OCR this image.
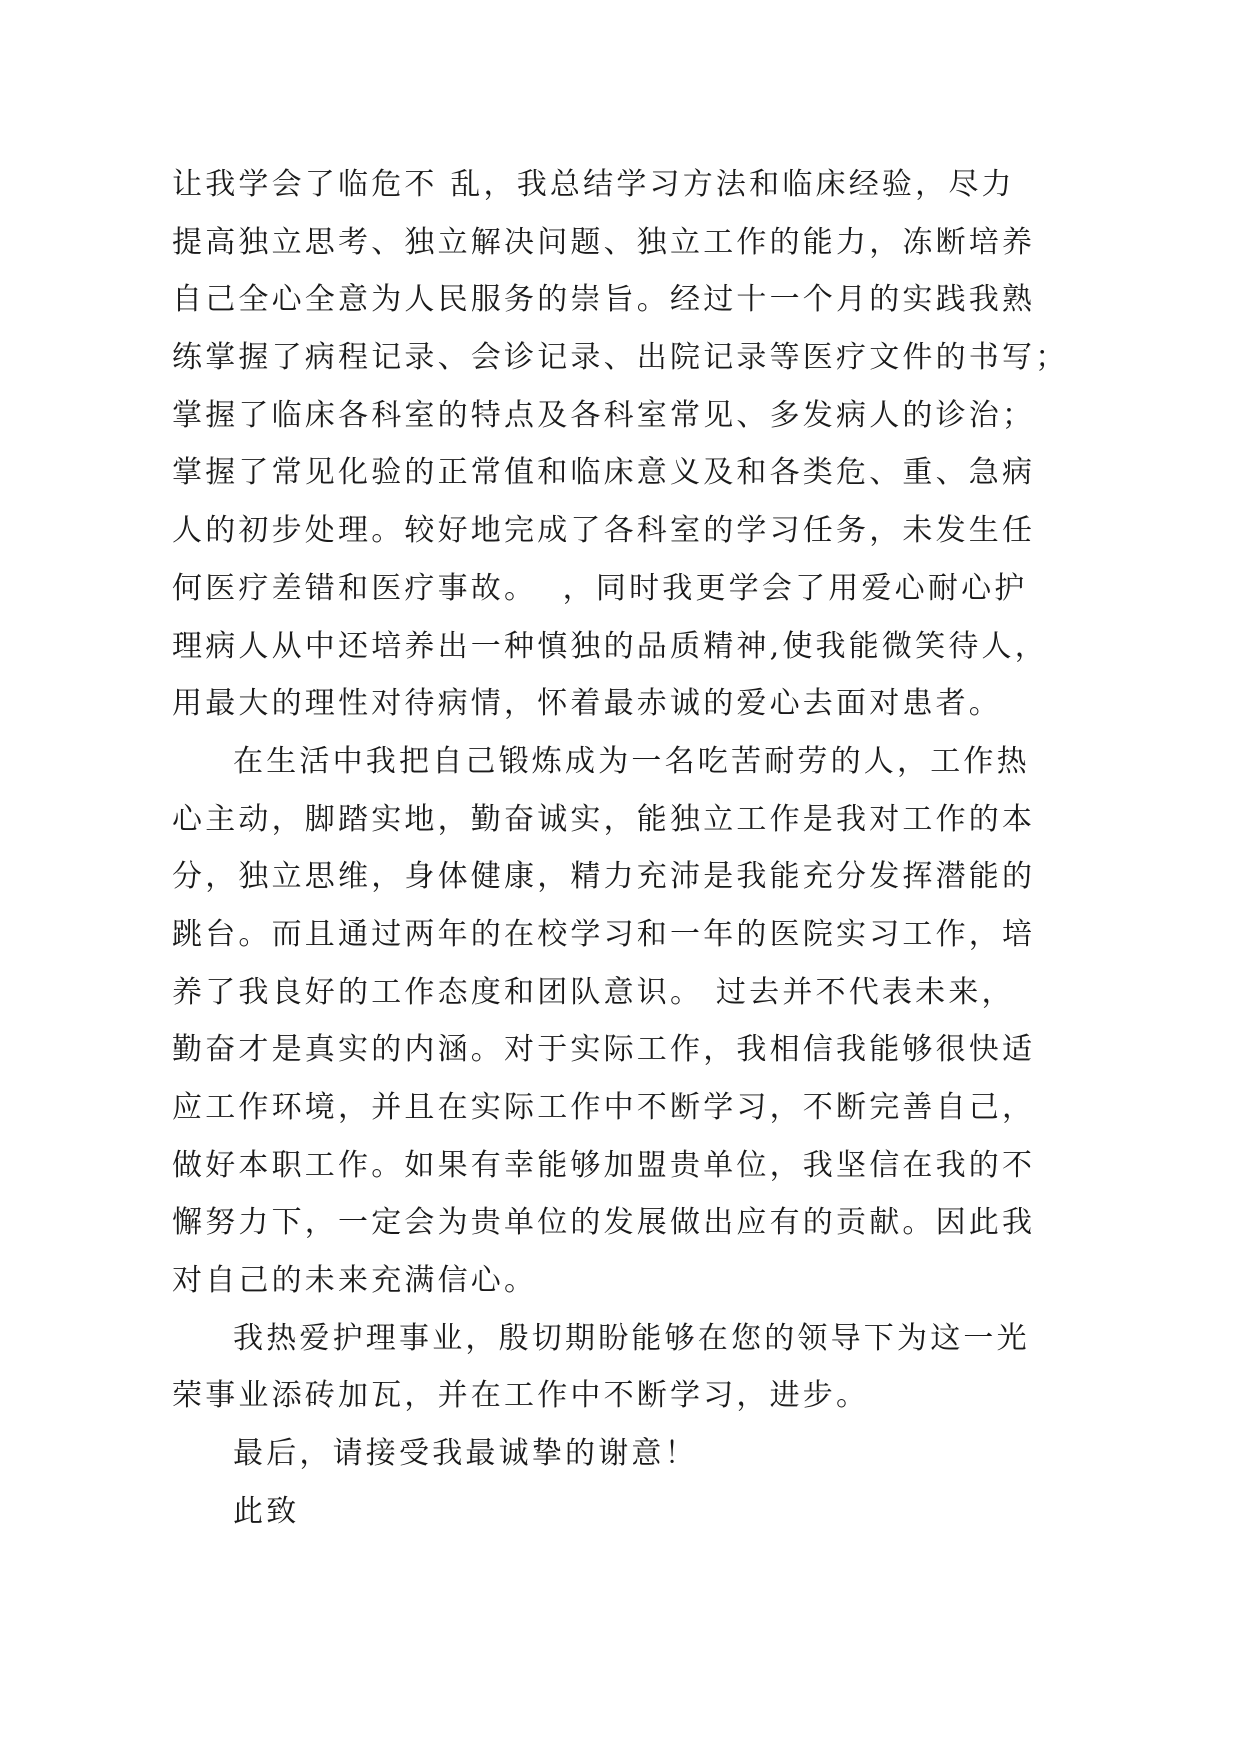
让我学会了临危不 乱，我总结学习方法和临床经验，尽力
提高独立思考、独立解决问题、独立工作的能力，冻断培养
自己全心全意为人民服务的崇旨。经过十一个月的实践我熟
练掌握了病程记录、会诊记录、出院记录等医疗文件的书写；
掌握了临床各科室的特点及各科室常见、多发病人的诊治；
掌握了常见化验的正常值和临床意义及和各类危、重、急病
人的初步处理。较好地完成了各科室的学习任务，未发生任
何医疗差错和医疗事故。  ，同时我更学会了用爱心耐心护
理病人从中还培养出一种慎独的品质精神,使我能微笑待人，
用最大的理性对待病情，怀着最赤诚的爱心去面对患者。
在生活中我把自己锻炼成为一名吃苦耐劳的人，工作热
心主动，脚踏实地，勤奋诚实，能独立工作是我对工作的本
分，独立思维，身体健康，精力充沛是我能充分发挥潜能的
跳台。而且通过两年的在校学习和一年的医院实习工作，培
养了我良好的工作态度和团队意识。 过去并不代表未来，
勤奋才是真实的内涵。对于实际工作，我相信我能够很快适
应工作环境，并且在实际工作中不断学习，不断完善自己，
做好本职工作。如果有幸能够加盟贵单位，我坚信在我的不
懈努力下，一定会为贵单位的发展做出应有的贡献。因此我
对自己的未来充满信心。
我热爱护理事业，殷切期盼能够在您的领导下为这一光
荣事业添砖加瓦，并在工作中不断学习，进步。
最后，请接受我最诚挚的谢意！
此致
